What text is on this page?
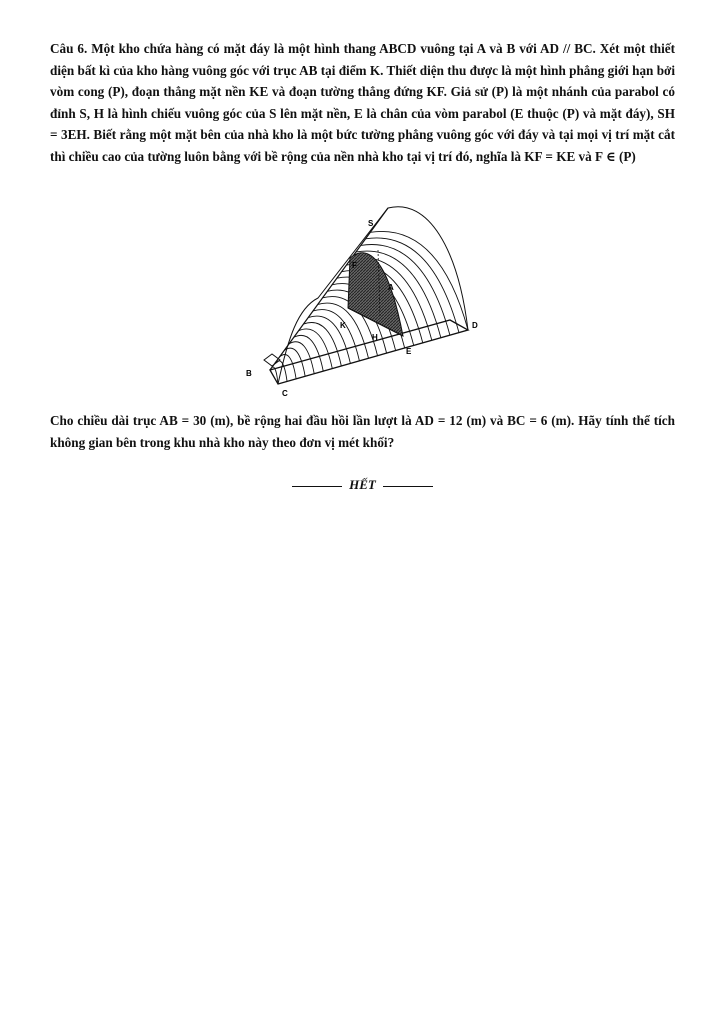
Câu 6. Một kho chứa hàng có mặt đáy là một hình thang ABCD vuông tại A và B với AD // BC. Xét một thiết diện bất kì của kho hàng vuông góc với trục AB tại điểm K. Thiết diện thu được là một hình phẳng giới hạn bởi vòm cong (P), đoạn thẳng mặt nền KE và đoạn tường thẳng đứng KF. Giả sử (P) là một nhánh của parabol có đỉnh S, H là hình chiếu vuông góc của S lên mặt nền, E là chân của vòm parabol (E thuộc (P) và mặt đáy), SH = 3EH. Biết rằng một mặt bên của nhà kho là một bức tường phẳng vuông góc với đáy và tại mọi vị trí mặt cắt thì chiều cao của tường luôn bằng với bề rộng của nền nhà kho tại vị trí đó, nghĩa là KF = KE và F ∈ (P)
S
A
K
H
E
D
B
C
F
Cho chiều dài trục AB = 30 (m), bề rộng hai đầu hồi lần lượt là AD = 12 (m) và BC = 6 (m). Hãy tính thể tích không gian bên trong khu nhà kho này theo đơn vị mét khối?
HẾT
